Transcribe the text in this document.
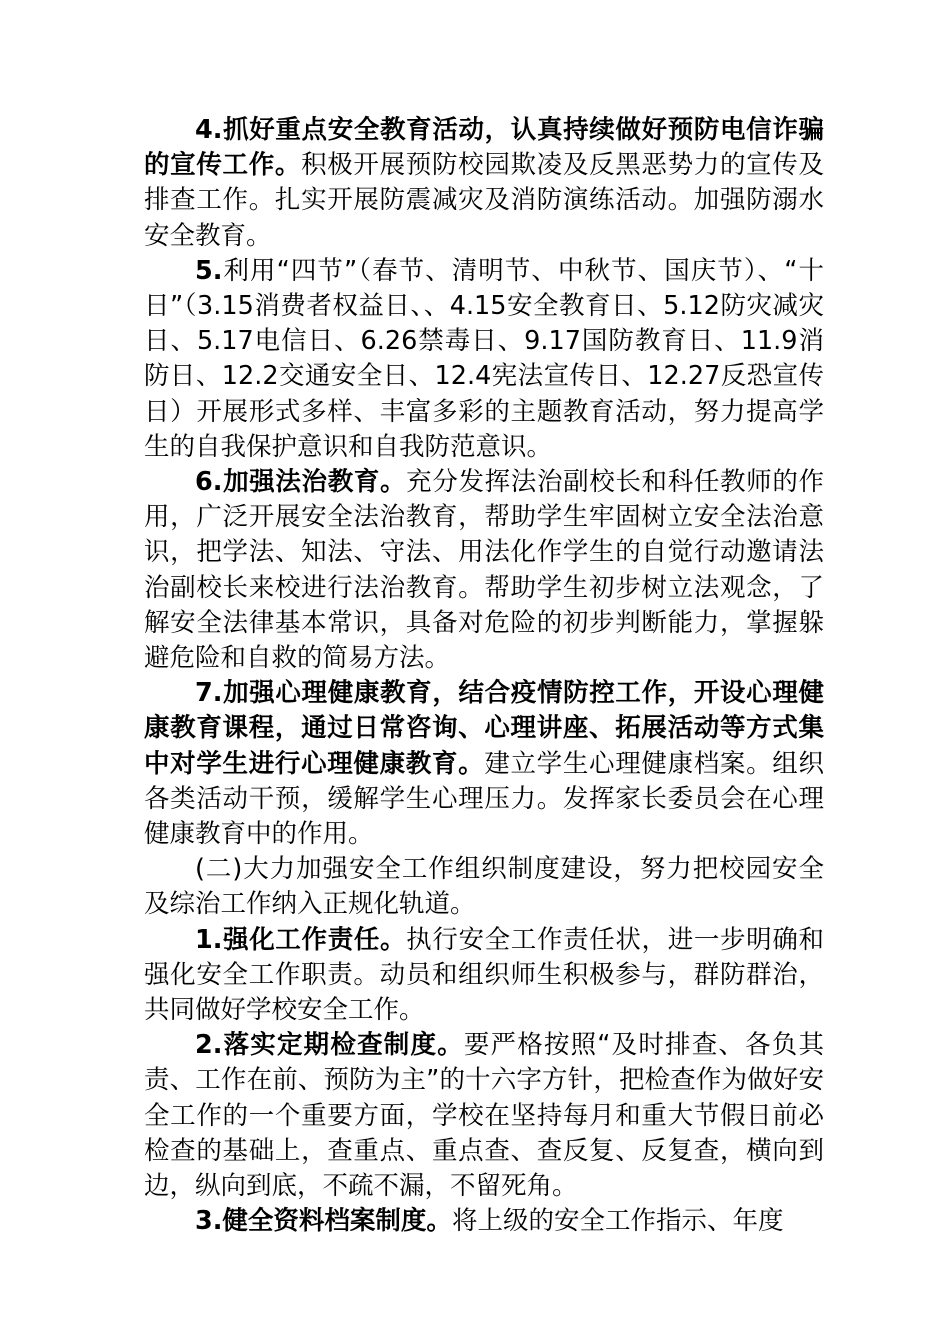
4.抓好重点安全教育活动，认真持续做好预防电信诈骗的宣传工作。积极开展预防校园欺凌及反黑恶势力的宣传及排查工作。扎实开展防震减灾及消防演练活动。加强防溺水安全教育。

5.利用“四节”（春节、清明节、中秋节、国庆节）、“十日”（3.15消费者权益日、、4.15安全教育日、5.12防灾减灾日、5.17电信日、6.26禁毒日、9.17国防教育日、11.9消防日、12.2交通安全日、12.4宪法宣传日、12.27反恐宣传日）开展形式多样、丰富多彩的主题教育活动，努力提高学生的自我保护意识和自我防范意识。

6.加强法治教育。充分发挥法治副校长和科任教师的作用，广泛开展安全法治教育，帮助学生牢固树立安全法治意识，把学法、知法、守法、用法化作学生的自觉行动邀请法治副校长来校进行法治教育。帮助学生初步树立法观念，了解安全法律基本常识，具备对危险的初步判断能力，掌握躲避危险和自救的简易方法。

7.加强心理健康教育，结合疫情防控工作，开设心理健康教育课程，通过日常咨询、心理讲座、拓展活动等方式集中对学生进行心理健康教育。建立学生心理健康档案。组织各类活动干预，缓解学生心理压力。发挥家长委员会在心理健康教育中的作用。

(二)大力加强安全工作组织制度建设，努力把校园安全及综治工作纳入正规化轨道。

1.强化工作责任。执行安全工作责任状，进一步明确和强化安全工作职责。动员和组织师生积极参与，群防群治，共同做好学校安全工作。

2.落实定期检查制度。要严格按照“及时排查、各负其责、工作在前、预防为主”的十六字方针，把检查作为做好安全工作的一个重要方面，学校在坚持每月和重大节假日前必检查的基础上，查重点、重点查、查反复、反复查，横向到边，纵向到底，不疏不漏，不留死角。

3.健全资料档案制度。将上级的安全工作指示、年度
